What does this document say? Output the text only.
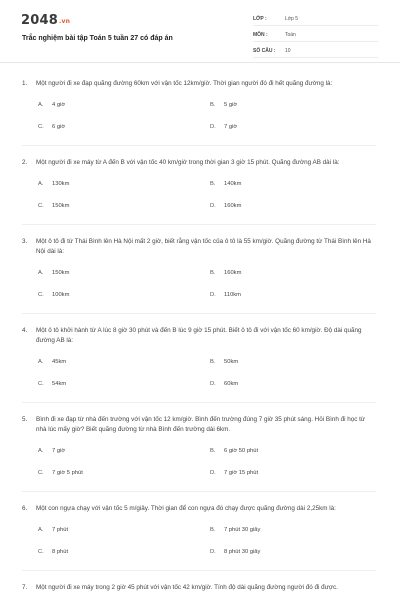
2048.vn
Trắc nghiệm bài tập Toán 5 tuần 27 có đáp án
LỚP :	Lớp 5
MÔN :	Toán
SỐ CÂU :	10
1.	Một người đi xe đạp quãng đường 60km với vận tốc 12km/giờ. Thời gian người đó đi hết quãng đường là:
A.	4 giờ	B.	5 giờ
C.	6 giờ	D.	7 giờ
2.	Một người đi xe máy từ A đến B với vận tốc 40 km/giờ trong thời gian 3 giờ 15 phút. Quãng đường AB dài là:
A.	130km	B.	140km
C.	150km	D.	160km
3.	Một ô tô đi từ Thái Bình lên Hà Nội mất 2 giờ, biết rằng vận tốc của ô tô là 55 km/giờ. Quãng đường từ Thái Bình lên Hà Nội dài là:
A.	150km	B.	160km
C.	100km	D.	110km
4.	Một ô tô khởi hành từ A lúc 8 giờ 30 phút và đến B lúc 9 giờ 15 phút. Biết ô tô đi với vận tốc 60 km/giờ. Độ dài quãng đường AB là:
A.	45km	B.	50km
C.	54km	D.	60km
5.	Bình đi xe đạp từ nhà đến trường với vận tốc 12 km/giờ. Bình đến trường đúng 7 giờ 35 phút sáng. Hỏi Bình đi học từ nhà lúc mấy giờ? Biết quãng đường từ nhà Bình đến trường dài 6km.
A.	7 giờ	B.	6 giờ 50 phút
C.	7 giờ 5 phút	D.	7 giờ 15 phút
6.	Một con ngựa chạy với vận tốc 5 m/giây. Thời gian để con ngựa đó chạy được quãng đường dài 2,25km là:
A.	7 phút	B.	7 phút 30 giây
C.	8 phút	D.	8 phút 30 giây
7.	Một người đi xe máy trong 2 giờ 45 phút với vận tốc 42 km/giờ. Tính độ dài quãng đường người đó đi được.
